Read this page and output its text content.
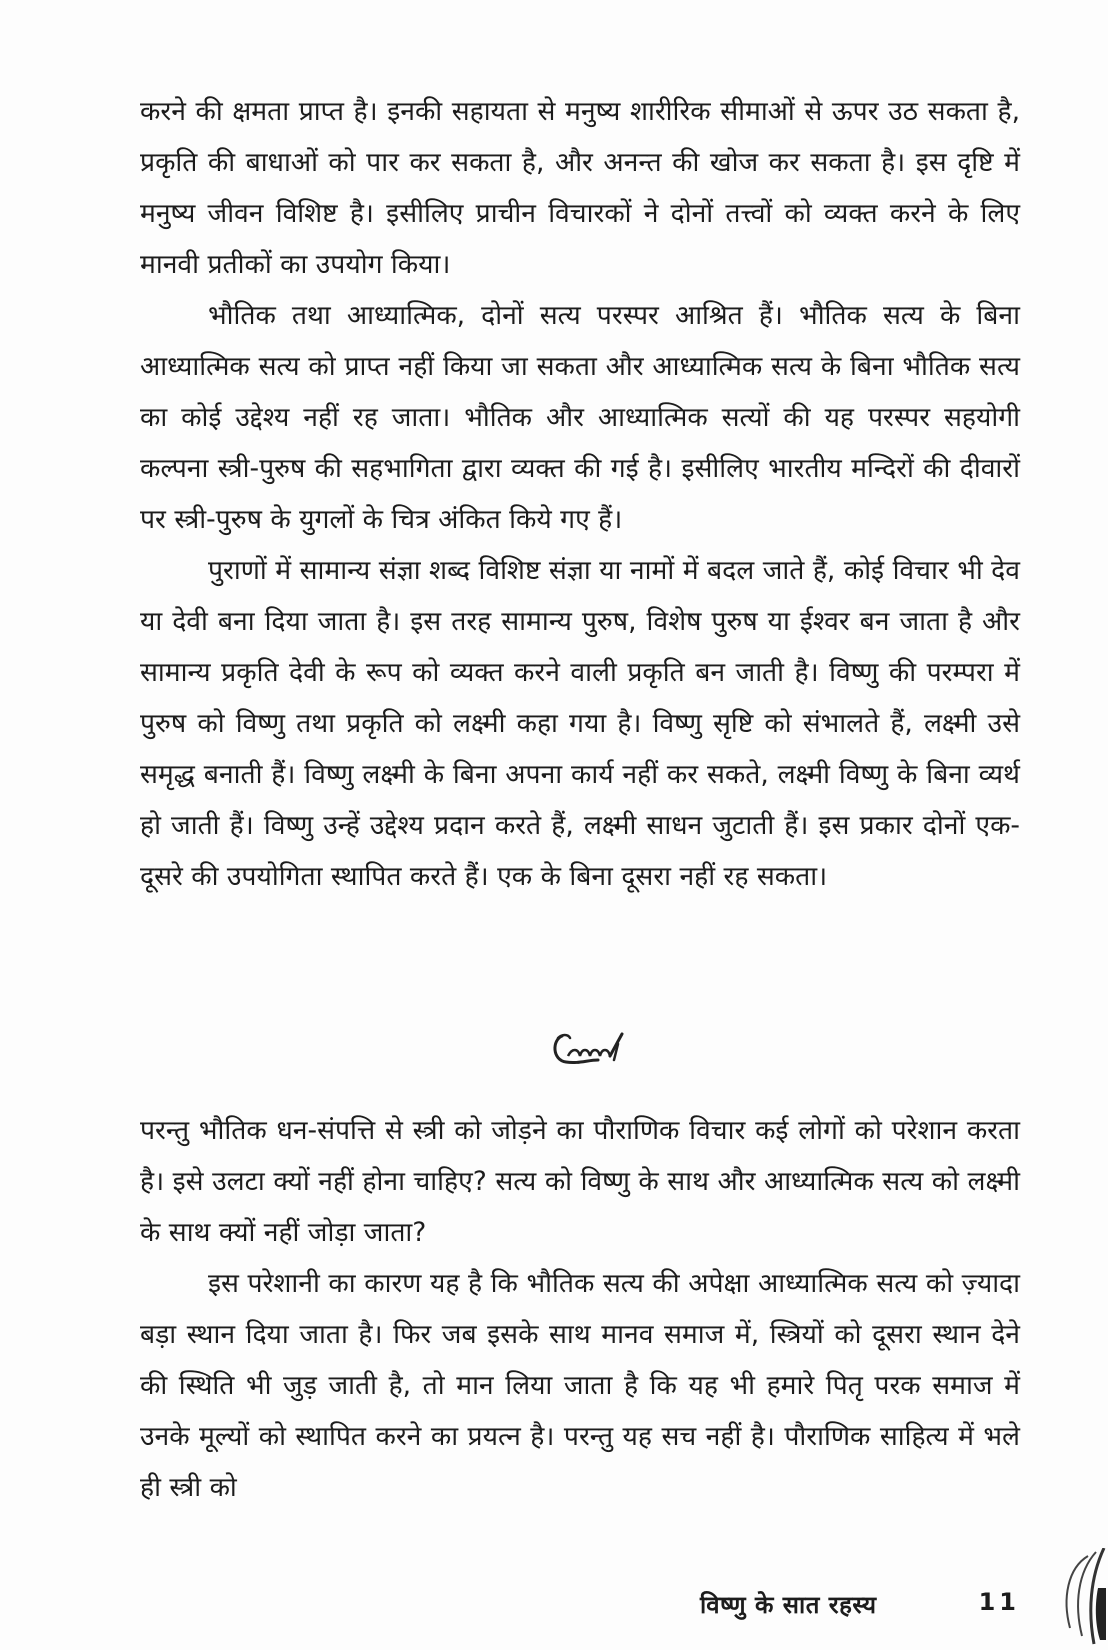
करने की क्षमता प्राप्त है। इनकी सहायता से मनुष्य शारीरिक सीमाओं से ऊपर उठ सकता है, प्रकृति की बाधाओं को पार कर सकता है, और अनन्त की खोज कर सकता है। इस दृष्टि में मनुष्य जीवन विशिष्ट है। इसीलिए प्राचीन विचारकों ने दोनों तत्त्वों को व्यक्त करने के लिए मानवी प्रतीकों का उपयोग किया।

भौतिक तथा आध्यात्मिक, दोनों सत्य परस्पर आश्रित हैं। भौतिक सत्य के बिना आध्यात्मिक सत्य को प्राप्त नहीं किया जा सकता और आध्यात्मिक सत्य के बिना भौतिक सत्य का कोई उद्देश्य नहीं रह जाता। भौतिक और आध्यात्मिक सत्यों की यह परस्पर सहयोगी कल्पना स्त्री-पुरुष की सहभागिता द्वारा व्यक्त की गई है। इसीलिए भारतीय मन्दिरों की दीवारों पर स्त्री-पुरुष के युगलों के चित्र अंकित किये गए हैं।

पुराणों में सामान्य संज्ञा शब्द विशिष्ट संज्ञा या नामों में बदल जाते हैं, कोई विचार भी देव या देवी बना दिया जाता है। इस तरह सामान्य पुरुष, विशेष पुरुष या ईश्वर बन जाता है और सामान्य प्रकृति देवी के रूप को व्यक्त करने वाली प्रकृति बन जाती है। विष्णु की परम्परा में पुरुष को विष्णु तथा प्रकृति को लक्ष्मी कहा गया है। विष्णु सृष्टि को संभालते हैं, लक्ष्मी उसे समृद्ध बनाती हैं। विष्णु लक्ष्मी के बिना अपना कार्य नहीं कर सकते, लक्ष्मी विष्णु के बिना व्यर्थ हो जाती हैं। विष्णु उन्हें उद्देश्य प्रदान करते हैं, लक्ष्मी साधन जुटाती हैं। इस प्रकार दोनों एक-दूसरे की उपयोगिता स्थापित करते हैं। एक के बिना दूसरा नहीं रह सकता।

परन्तु भौतिक धन-संपत्ति से स्त्री को जोड़ने का पौराणिक विचार कई लोगों को परेशान करता है। इसे उलटा क्यों नहीं होना चाहिए? सत्य को विष्णु के साथ और आध्यात्मिक सत्य को लक्ष्मी के साथ क्यों नहीं जोड़ा जाता?

इस परेशानी का कारण यह है कि भौतिक सत्य की अपेक्षा आध्यात्मिक सत्य को ज़्यादा बड़ा स्थान दिया जाता है। फिर जब इसके साथ मानव समाज में, स्त्रियों को दूसरा स्थान देने की स्थिति भी जुड़ जाती है, तो मान लिया जाता है कि यह भी हमारे पितृ परक समाज में उनके मूल्यों को स्थापित करने का प्रयत्न है। परन्तु यह सच नहीं है। पौराणिक साहित्य में भले ही स्त्री को

विष्णु के सात रहस्य	11
